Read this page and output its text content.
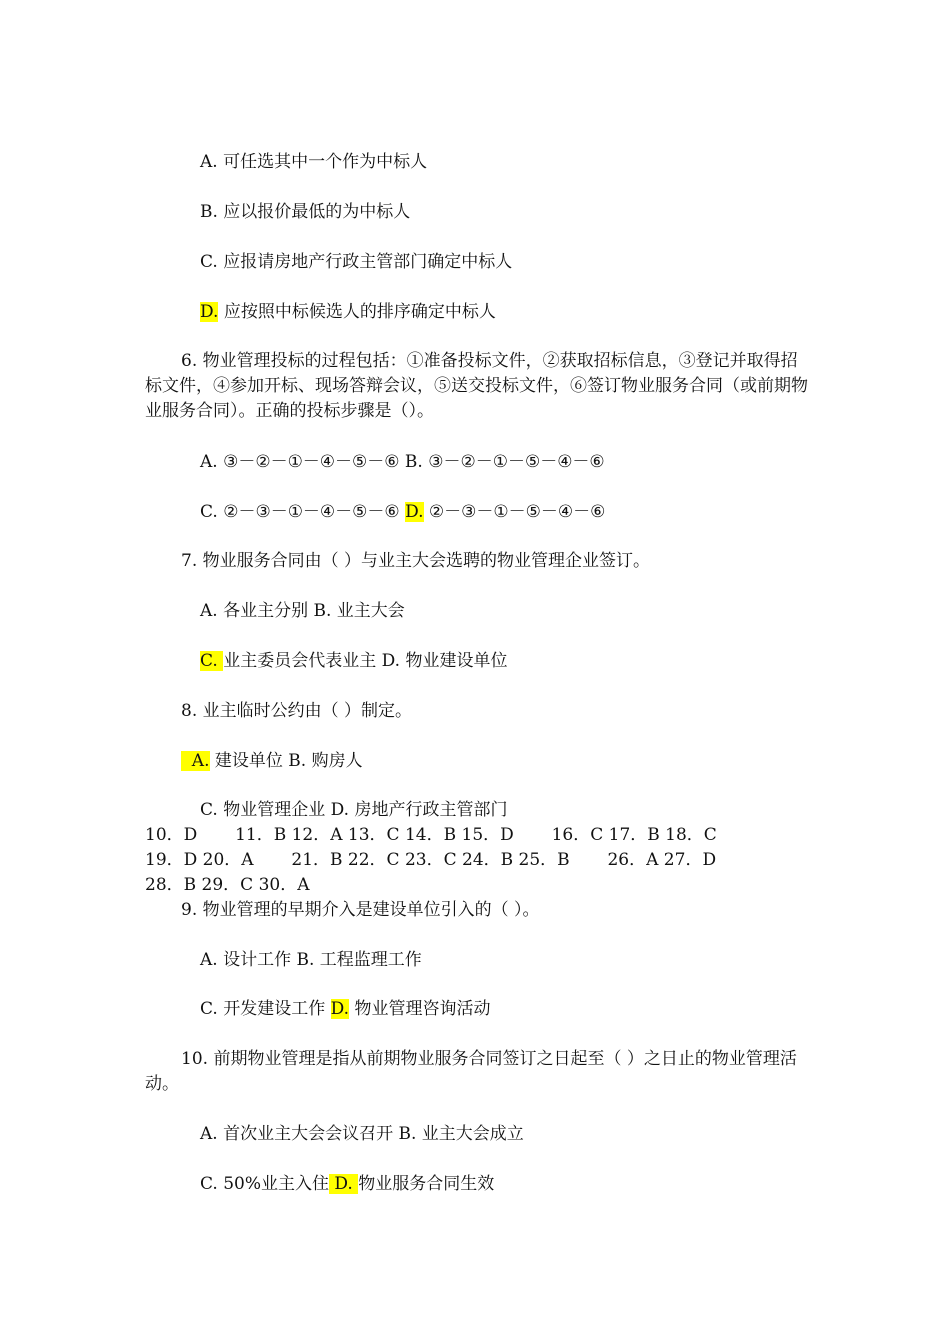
A. 可任选其中一个作为中标人
B. 应以报价最低的为中标人
C. 应报请房地产行政主管部门确定中标人
D. 应按照中标候选人的排序确定中标人
6. 物业管理投标的过程包括：①准备投标文件，②获取招标信息，③登记并取得招标文件，④参加开标、现场答辩会议，⑤送交投标文件，⑥签订物业服务合同（或前期物业服务合同）。正确的投标步骤是（）。
A. ③－②－①－④－⑤－⑥ B. ③－②－①－⑤－④－⑥
C. ②－③－①－④－⑤－⑥ D. ②－③－①－⑤－④－⑥
7. 物业服务合同由（ ）与业主大会选聘的物业管理企业签订。
A. 各业主分别 B. 业主大会
C. 业主委员会代表业主 D. 物业建设单位
8. 业主临时公约由（ ）制定。
A. 建设单位 B. 购房人
C. 物业管理企业 D. 房地产行政主管部门
10．D       11．B 12．A 13．C 14．B 15．D       16．C 17．B 18．C
19．D 20．A       21．B 22．C 23．C 24．B 25．B       26．A 27．D
28．B 29．C 30．A
9. 物业管理的早期介入是建设单位引入的（ ）。
A. 设计工作 B. 工程监理工作
C. 开发建设工作 D. 物业管理咨询活动
10. 前期物业管理是指从前期物业服务合同签订之日起至（ ）之日止的物业管理活动。
A. 首次业主大会会议召开 B. 业主大会成立
C. 50%业主入住 D. 物业服务合同生效
